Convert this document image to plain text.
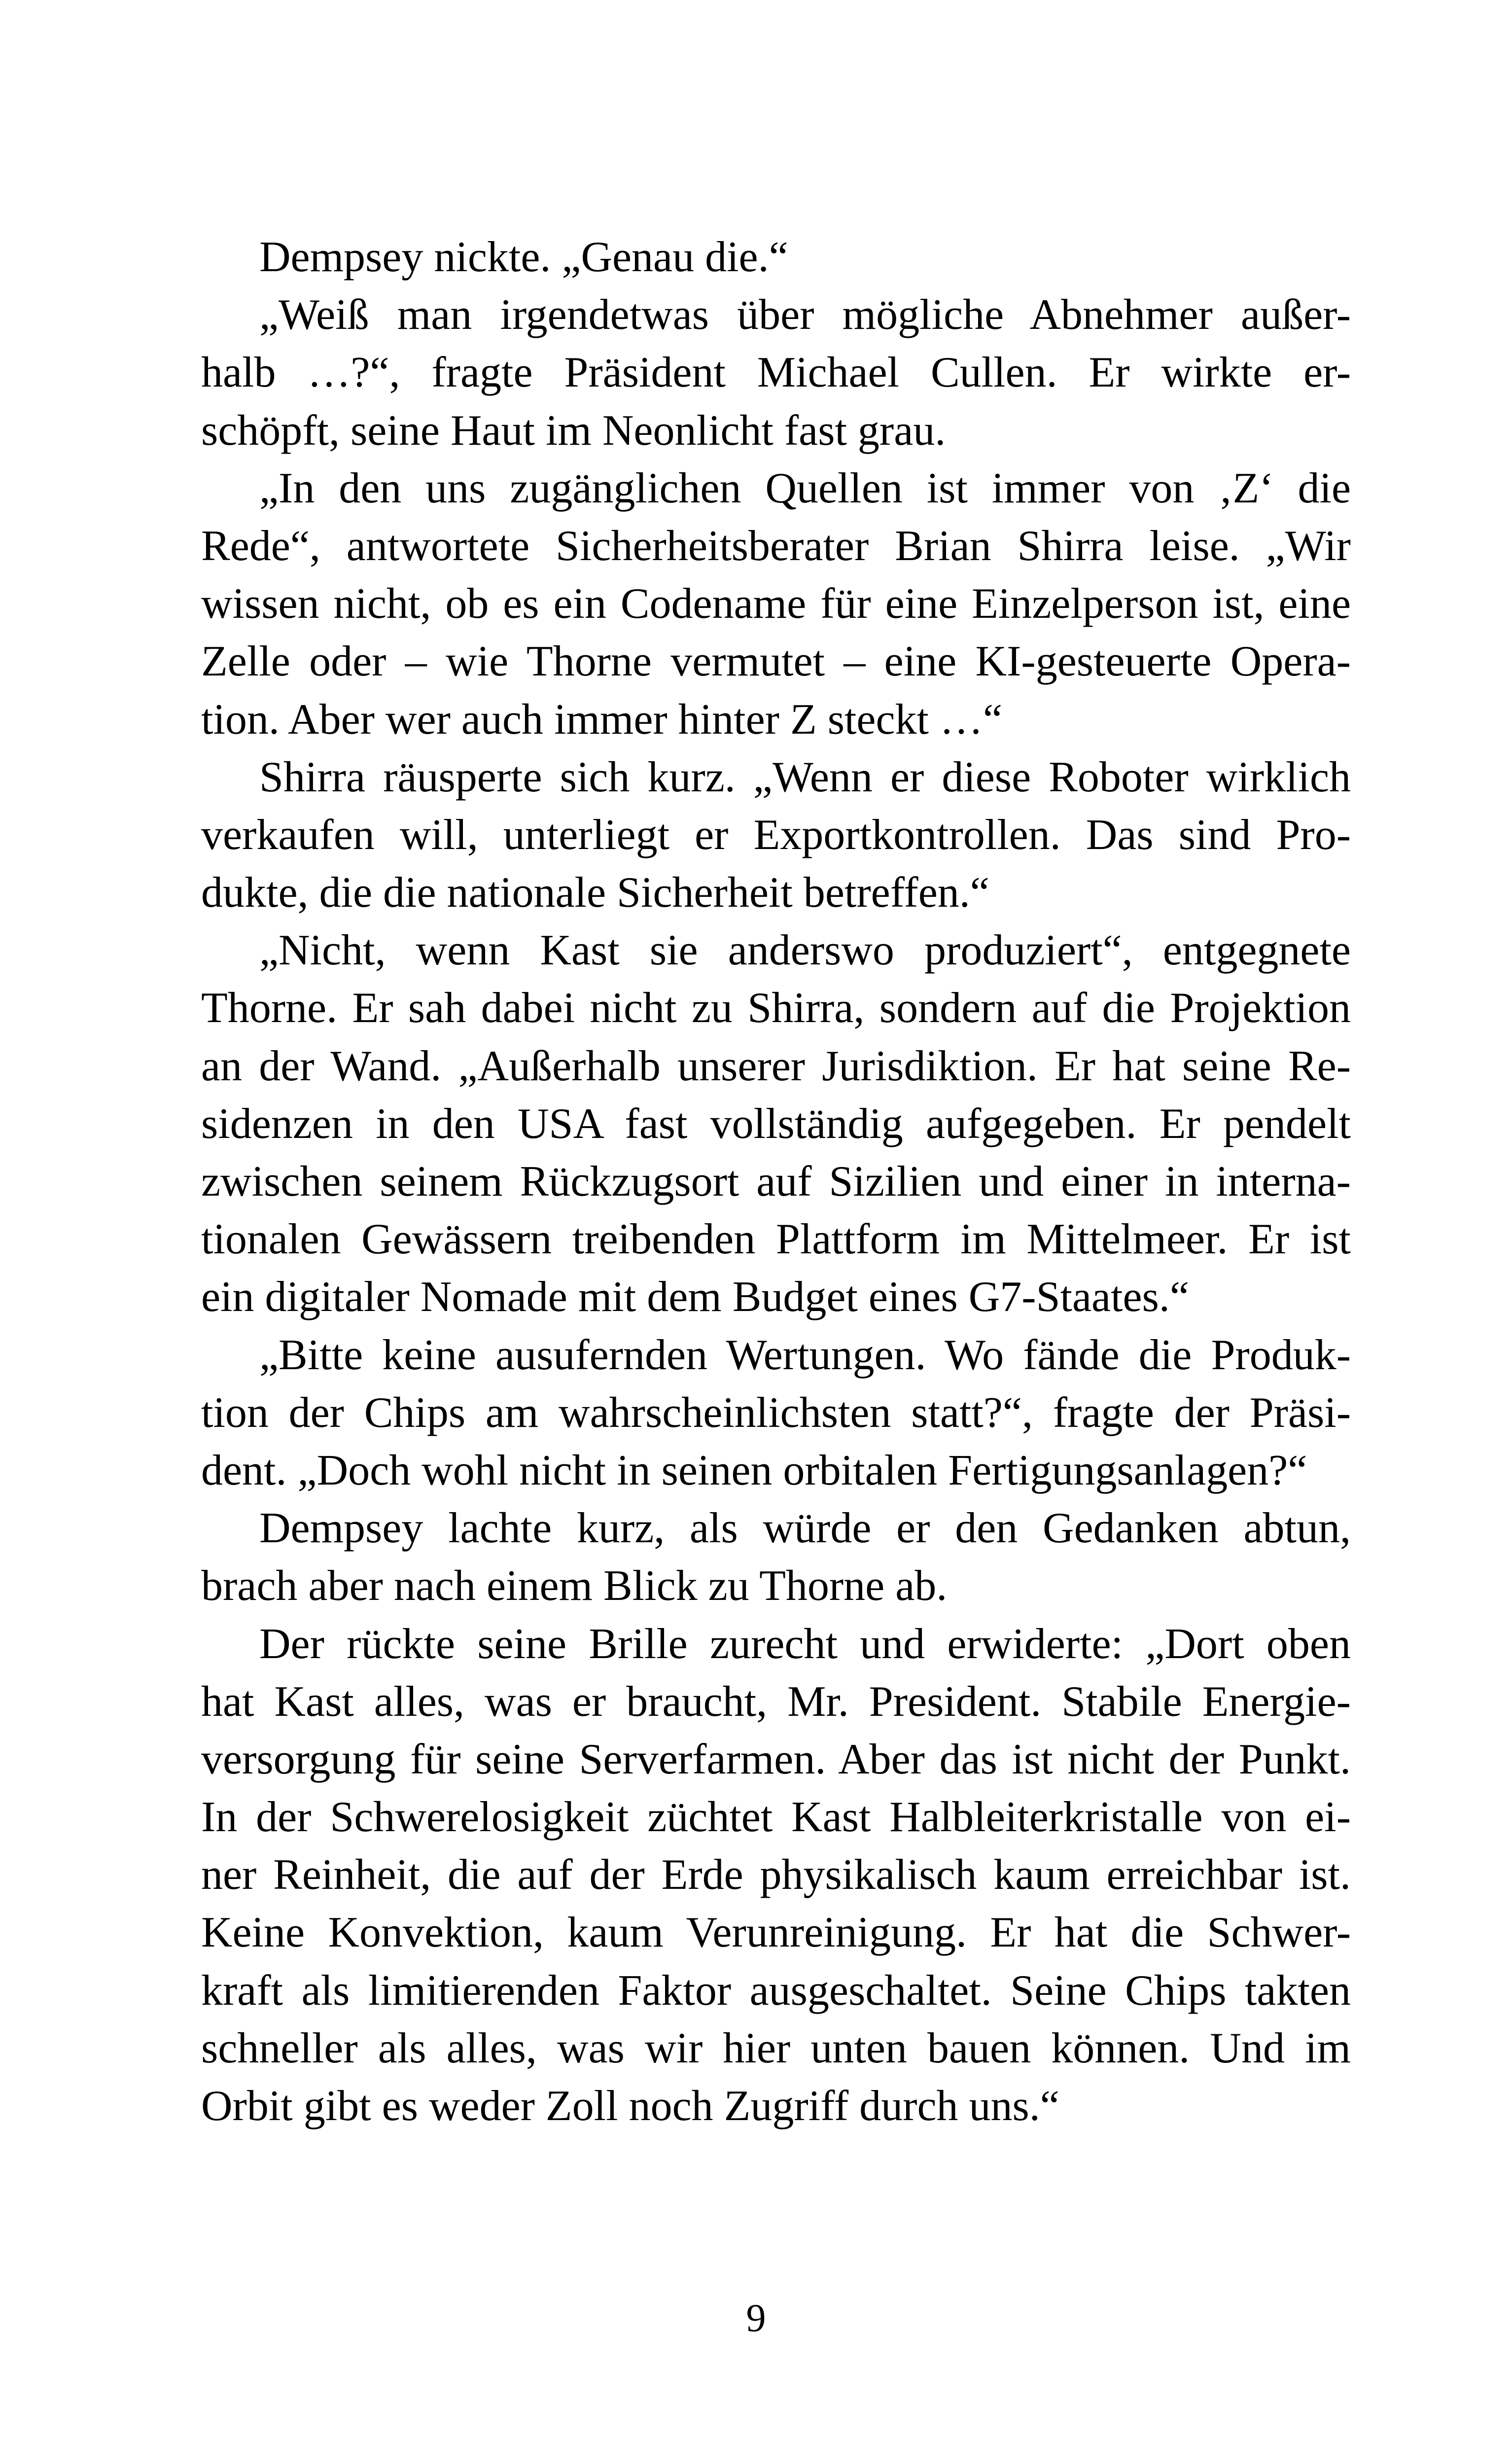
Dempsey nickte. „Genau die.“
„Weiß man irgendetwas über mögliche Abnehmer außer-
halb …?“, fragte Präsident Michael Cullen. Er wirkte er-
schöpft, seine Haut im Neonlicht fast grau.
„In den uns zugänglichen Quellen ist immer von ‚Z‘ die
Rede“, antwortete Sicherheitsberater Brian Shirra leise. „Wir
wissen nicht, ob es ein Codename für eine Einzelperson ist, eine
Zelle oder – wie Thorne vermutet – eine KI-gesteuerte Opera-
tion. Aber wer auch immer hinter Z steckt …“
Shirra räusperte sich kurz. „Wenn er diese Roboter wirklich
verkaufen will, unterliegt er Exportkontrollen. Das sind Pro-
dukte, die die nationale Sicherheit betreffen.“
„Nicht, wenn Kast sie anderswo produziert“, entgegnete
Thorne. Er sah dabei nicht zu Shirra, sondern auf die Projektion
an der Wand. „Außerhalb unserer Jurisdiktion. Er hat seine Re-
sidenzen in den USA fast vollständig aufgegeben. Er pendelt
zwischen seinem Rückzugsort auf Sizilien und einer in interna-
tionalen Gewässern treibenden Plattform im Mittelmeer. Er ist
ein digitaler Nomade mit dem Budget eines G7-Staates.“
„Bitte keine ausufernden Wertungen. Wo fände die Produk-
tion der Chips am wahrscheinlichsten statt?“, fragte der Präsi-
dent. „Doch wohl nicht in seinen orbitalen Fertigungsanlagen?“
Dempsey lachte kurz, als würde er den Gedanken abtun,
brach aber nach einem Blick zu Thorne ab.
Der rückte seine Brille zurecht und erwiderte: „Dort oben
hat Kast alles, was er braucht, Mr. President. Stabile Energie-
versorgung für seine Serverfarmen. Aber das ist nicht der Punkt.
In der Schwerelosigkeit züchtet Kast Halbleiterkristalle von ei-
ner Reinheit, die auf der Erde physikalisch kaum erreichbar ist.
Keine Konvektion, kaum Verunreinigung. Er hat die Schwer-
kraft als limitierenden Faktor ausgeschaltet. Seine Chips takten
schneller als alles, was wir hier unten bauen können. Und im
Orbit gibt es weder Zoll noch Zugriff durch uns.“
9
